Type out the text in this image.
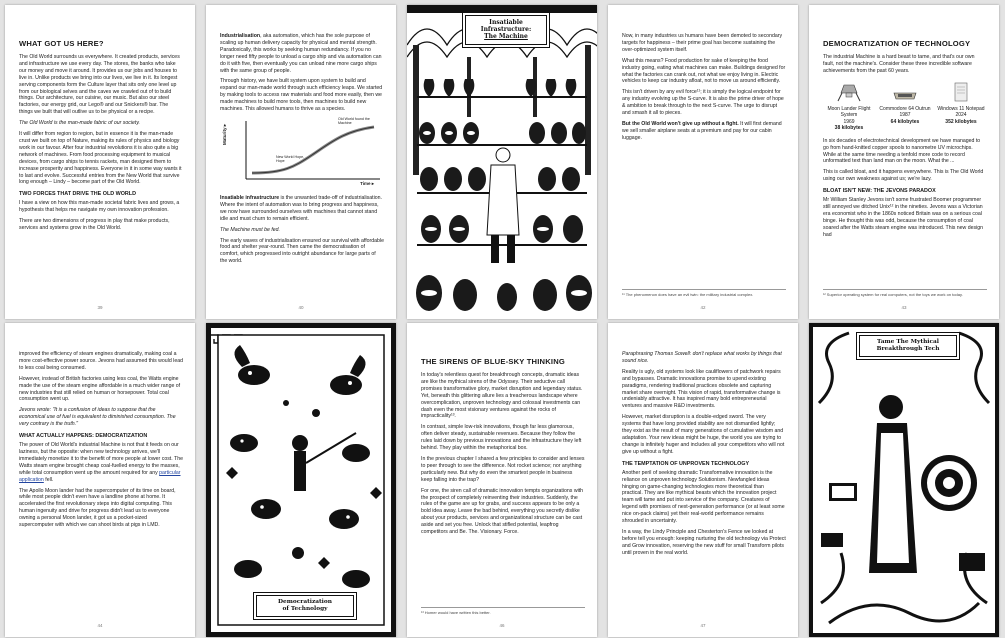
WHAT GOT US HERE?

The Old World surrounds us everywhere. It created products, services and infrastructure we use every day. The stores, the banks who take our money and move it around. It provides us our jobs and houses to live in. Unlike products we bring into our lives, we live in it. Its longest serving components form the Culture layer that sits only one level up from our biological selves and the caves we crawled out of to build things. Our architecture, our cuisine, our music. But also our steel factories, our energy grid, our Lego® and our Snickers® bar. The things we built that will outlive us to be physical or a recipe.

The Old World is the man-made fabric of our society.

It will differ from region to region, but in essence it is the man-made crust we built on top of Nature, making its rules of physics and biology work in our favour. After four industrial revolutions it is also quite a big network of machines. From food processing equipment to musical devices, from cargo ships to tennis rackets, man designed them to increase prosperity and happiness. Everyone in it in some way wants it to last and evolve. Successful entries from the New World that survive long enough – Lindy – become part of the Old World.

TWO FORCES THAT DRIVE THE OLD WORLD

I have a view on how this man-made societal fabric lives and grows, a hypothesis that helps me navigate my own innovation profession.

There are two dimensions of progress in play that make products, services and systems grow in the Old World.

39

Industrialisation, aka automation, which has the sole purpose of scaling up human delivery capacity for physical and mental strength. Paradoxically, this works by seeking human redundancy. If you no longer need fifty people to unload a cargo ship and via automation can do it with five, then eventually you can unload nine more cargo ships with the same group of people.

Through history, we have built system upon system to build and expand our man-made world through such efficiency leaps. We started by making tools to access raw materials and food more easily, then we made machines to build more tools, then machines to build new machines. This allowed humans to thrive as a species.

Maturity ▸
Time ▸
Old World found the Machine
New World Hope, Hope

Insatiable infrastructure is the unwanted trade-off of industrialisation. Where the intent of automation was to bring progress and happiness, we now have surrounded ourselves with machines that cannot stand idle and must churn to remain efficient.

The Machine must be fed.

The early waves of industrialisation ensured our survival with affordable food and shelter year-round. Then came the democratisation of comfort, which progressed into outright abundance for large parts of the world.

40
Insatiable
Infrastructure:
The Machine	Now, in many industries us humans have been demoted to secondary targets for happiness – their prime goal has become sustaining the over-optimized system itself.

What this means? Food production for sake of keeping the food industry going, eating what machines can make. Buildings designed for what the factories can crank out, not what we enjoy living in. Electric vehicles to keep car industry afloat, not to move us around efficiently.

This isn't driven by any evil force¹¹; it is simply the logical endpoint for any industry evolving up the S-curve. It is also the prime driver of hope & ambition to break through to the next S-curve. The urge to disrupt and smash it all to pieces.

But the Old World won't give up without a fight. It will first demand we sell smaller airplane seats at a premium and pay for our cabin luggage.

¹¹ The phenomenon does have an evil twin: the military industrial complex.
42
DEMOCRATIZATION OF TECHNOLOGY

The industrial Machine is a hard beast to tame, and that's our own fault, not the machine's. Consider these three incredible software achievements from the past 60 years.

Moon Lander Flight System
1969
38 kilobytes
Commodore 64 Outrun
1987
64 kilobytes
Windows 11 Notepad
2024
352 kilobytes

In six decades of electrotechnical development we have managed to go from hand-knitted copper spools to nanometre UV microchips. While at the same time needing a tenfold more code to record unformatted text than land man on the moon. What the ...

This is called bloat, and it happens everywhere. This is The Old World using our own weakness against us; we're lazy.

BLOAT ISN'T NEW: THE JEVONS PARADOX

Mr William Stanley Jevons isn't some frustrated Boomer programmer still annoyed we ditched Unix¹² in the nineties. Jevons was a Victorian era economist who in the 1860s noticed Britain was on a serious coal binge. He thought this was odd, because the consumption of coal soared after the Watts steam engine was introduced. This new design had

¹² Superior operating system for real computers, not the toys we work on today.
43

improved the efficiency of steam engines dramatically, making coal a more cost-effective power source. Jevons had assumed this would lead to less coal being consumed.

However, instead of British factories using less coal, the Watts engine made the use of the steam engine affordable in a much wider range of new industries that still relied on human or horsepower. Total coal consumption went up.

Jevons wrote: "It is a confusion of ideas to suppose that the economical use of fuel is equivalent to diminished consumption. The very contrary is the truth."

WHAT ACTUALLY HAPPENS: DEMOCRATIZATION

The power of Old World's industrial Machine is not that it feeds on our laziness, but the opposite: when new technology arrives, we'll immediately monetize it to the benefit of more people at lower cost. The Watts steam engine brought cheap coal-fuelled energy to the masses, while total consumption went up the amount required for any particular application fell.

The Apollo Moon lander had the supercomputer of its time on board, while most people didn't even have a landline phone at home. It accelerated the first revolutionary steps into digital computing. This human ingenuity and drive for progress didn't lead us to everyone owning a personal Moon lander, it got us a pocket-sized supercomputer with which we can shoot birds at pigs in LMD.

44
Democratization
of Technology
THE SIRENS OF BLUE-SKY THINKING

In today's relentless quest for breakthrough concepts, dramatic ideas are like the mythical sirens of the Odyssey. Their seductive call promises transformative glory, market disruption and legendary status. Yet, beneath this glittering allure lies a treacherous landscape where overcomplication, unproven technology and colossal investments can dash even the most visionary ventures against the rocks of impracticality¹³.

In contrast, simple low-risk innovations, though far less glamorous, often deliver steady, sustainable revenues. Because they follow the rules laid down by previous innovations and the infrastructure they left behind. They play within the metaphorical box.

In the previous chapter I shared a few principles to consider and lenses to peer through to see the difference. Not rocket science; nor anything particularly new. But why do even the smartest people in business keep falling into the trap?

For one, the siren call of dramatic innovation tempts organizations with the prospect of completely reinventing their industries. Suddenly, the rules of the game are up for grabs, and success appears to be only a bold idea away. Leave the bad behind, everything you secretly dislike about your products, services and organizational structure can be cast aside and set you free. Unlock that stifled potential, leapfrog competitors and Be. The. Visionary. Force.

¹³ Homer would have written this better.
46

Paraphrasing Thomas Sowell: don't replace what works by things that sound nice.

Reality is ugly, old systems look like cauliflowers of patchwork repairs and bypasses. Dramatic innovations promise to upend existing paradigms, rendering traditional practices obsolete and capturing market share overnight. This vision of rapid, transformative change is undeniably attractive. It has inspired many bold entrepreneurial ventures and massive R&D investments.

However, market disruption is a double-edged sword. The very systems that have long provided stability are not dismantled lightly; they exist as the result of many generations of cumulative wisdom and adaptation. Your new ideas might be huge, the world you are trying to change is infinitely huger and includes all your competitors who will not give up without a fight.

THE TEMPTATION OF UNPROVEN TECHNOLOGY

Another peril of seeking dramatic Transformative innovation is the reliance on unproven technology Solutionism. Newfangled ideas hinging on game-changing technologies more theoretical than practical. They are like mythical beasts which the innovation project team will tame and put into service of the company. Creatures of legend with promises of next-generation performance (or at least some nice on-pack claims) yet their real-world performance remains shrouded in uncertainty.

In a way, the Lindy Principle and Chesterton's Fence we looked at before tell you enough: keeping nurturing the old technology via Protect and Grow innovation, reserving the new stuff for small Transform pilots until proven in the real world.

47
Tame The Mythical
Breakthrough Tech
